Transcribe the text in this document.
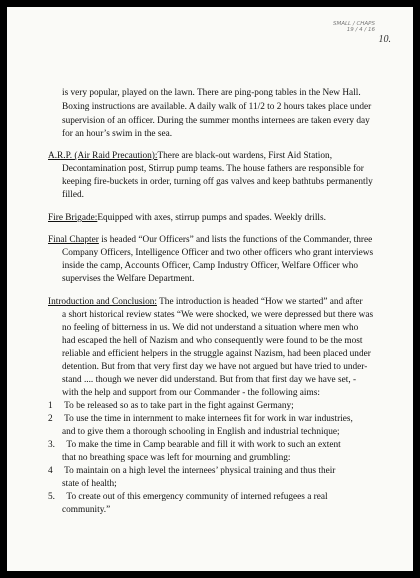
SMALL / CHAPS
19 / 4 / 16
10.
is very popular, played on the lawn. There are ping-pong tables in the New Hall.
Boxing instructions are available. A daily walk of 11/2 to 2 hours takes place under
supervision of an officer. During the summer months internees are taken every day
for an hour’s swim in the sea.
A.R.P. (Air Raid Precaution):There are black-out wardens, First Aid Station,
Decontamination post, Stirrup pump teams. The house fathers are responsible for
keeping fire-buckets in order, turning off gas valves and keep bathtubs permanently
filled.
Fire Brigade:Equipped with axes, stirrup pumps and spades. Weekly drills.
Final Chapter is headed “Our Officers” and lists the functions of the Commander, three
Company Officers, Intelligence Officer and two other officers who grant interviews
inside the camp, Accounts Officer, Camp Industry Officer, Welfare Officer who
supervises the Welfare Department.
Introduction and Conclusion: The introduction is headed “How we started” and after
a short historical review states “We were shocked, we were depressed but there was
no feeling of bitterness in us. We did not understand a situation where men who
had escaped the hell of Nazism and who consequently were found to be the most
reliable and efficient helpers in the struggle against Nazism, had been placed under
detention. But from that very first day we have not argued but have tried to under-
stand .... though we never did understand. But from that first day we have set, -
with the help and support from our Commander - the following aims:
1     To be released so as to take part in the fight against Germany;
2     To use the time in internment to make internees fit for work in war industries,
and to give them a thorough schooling in English and industrial technique;
3.     To make the time in Camp bearable and fill it with work to such an extent
that no breathing space was left for mourning and grumbling:
4     To maintain on a high level the internees’ physical training and thus their
state of health;
5.     To create out of this emergency community of interned refugees a real
community.”
